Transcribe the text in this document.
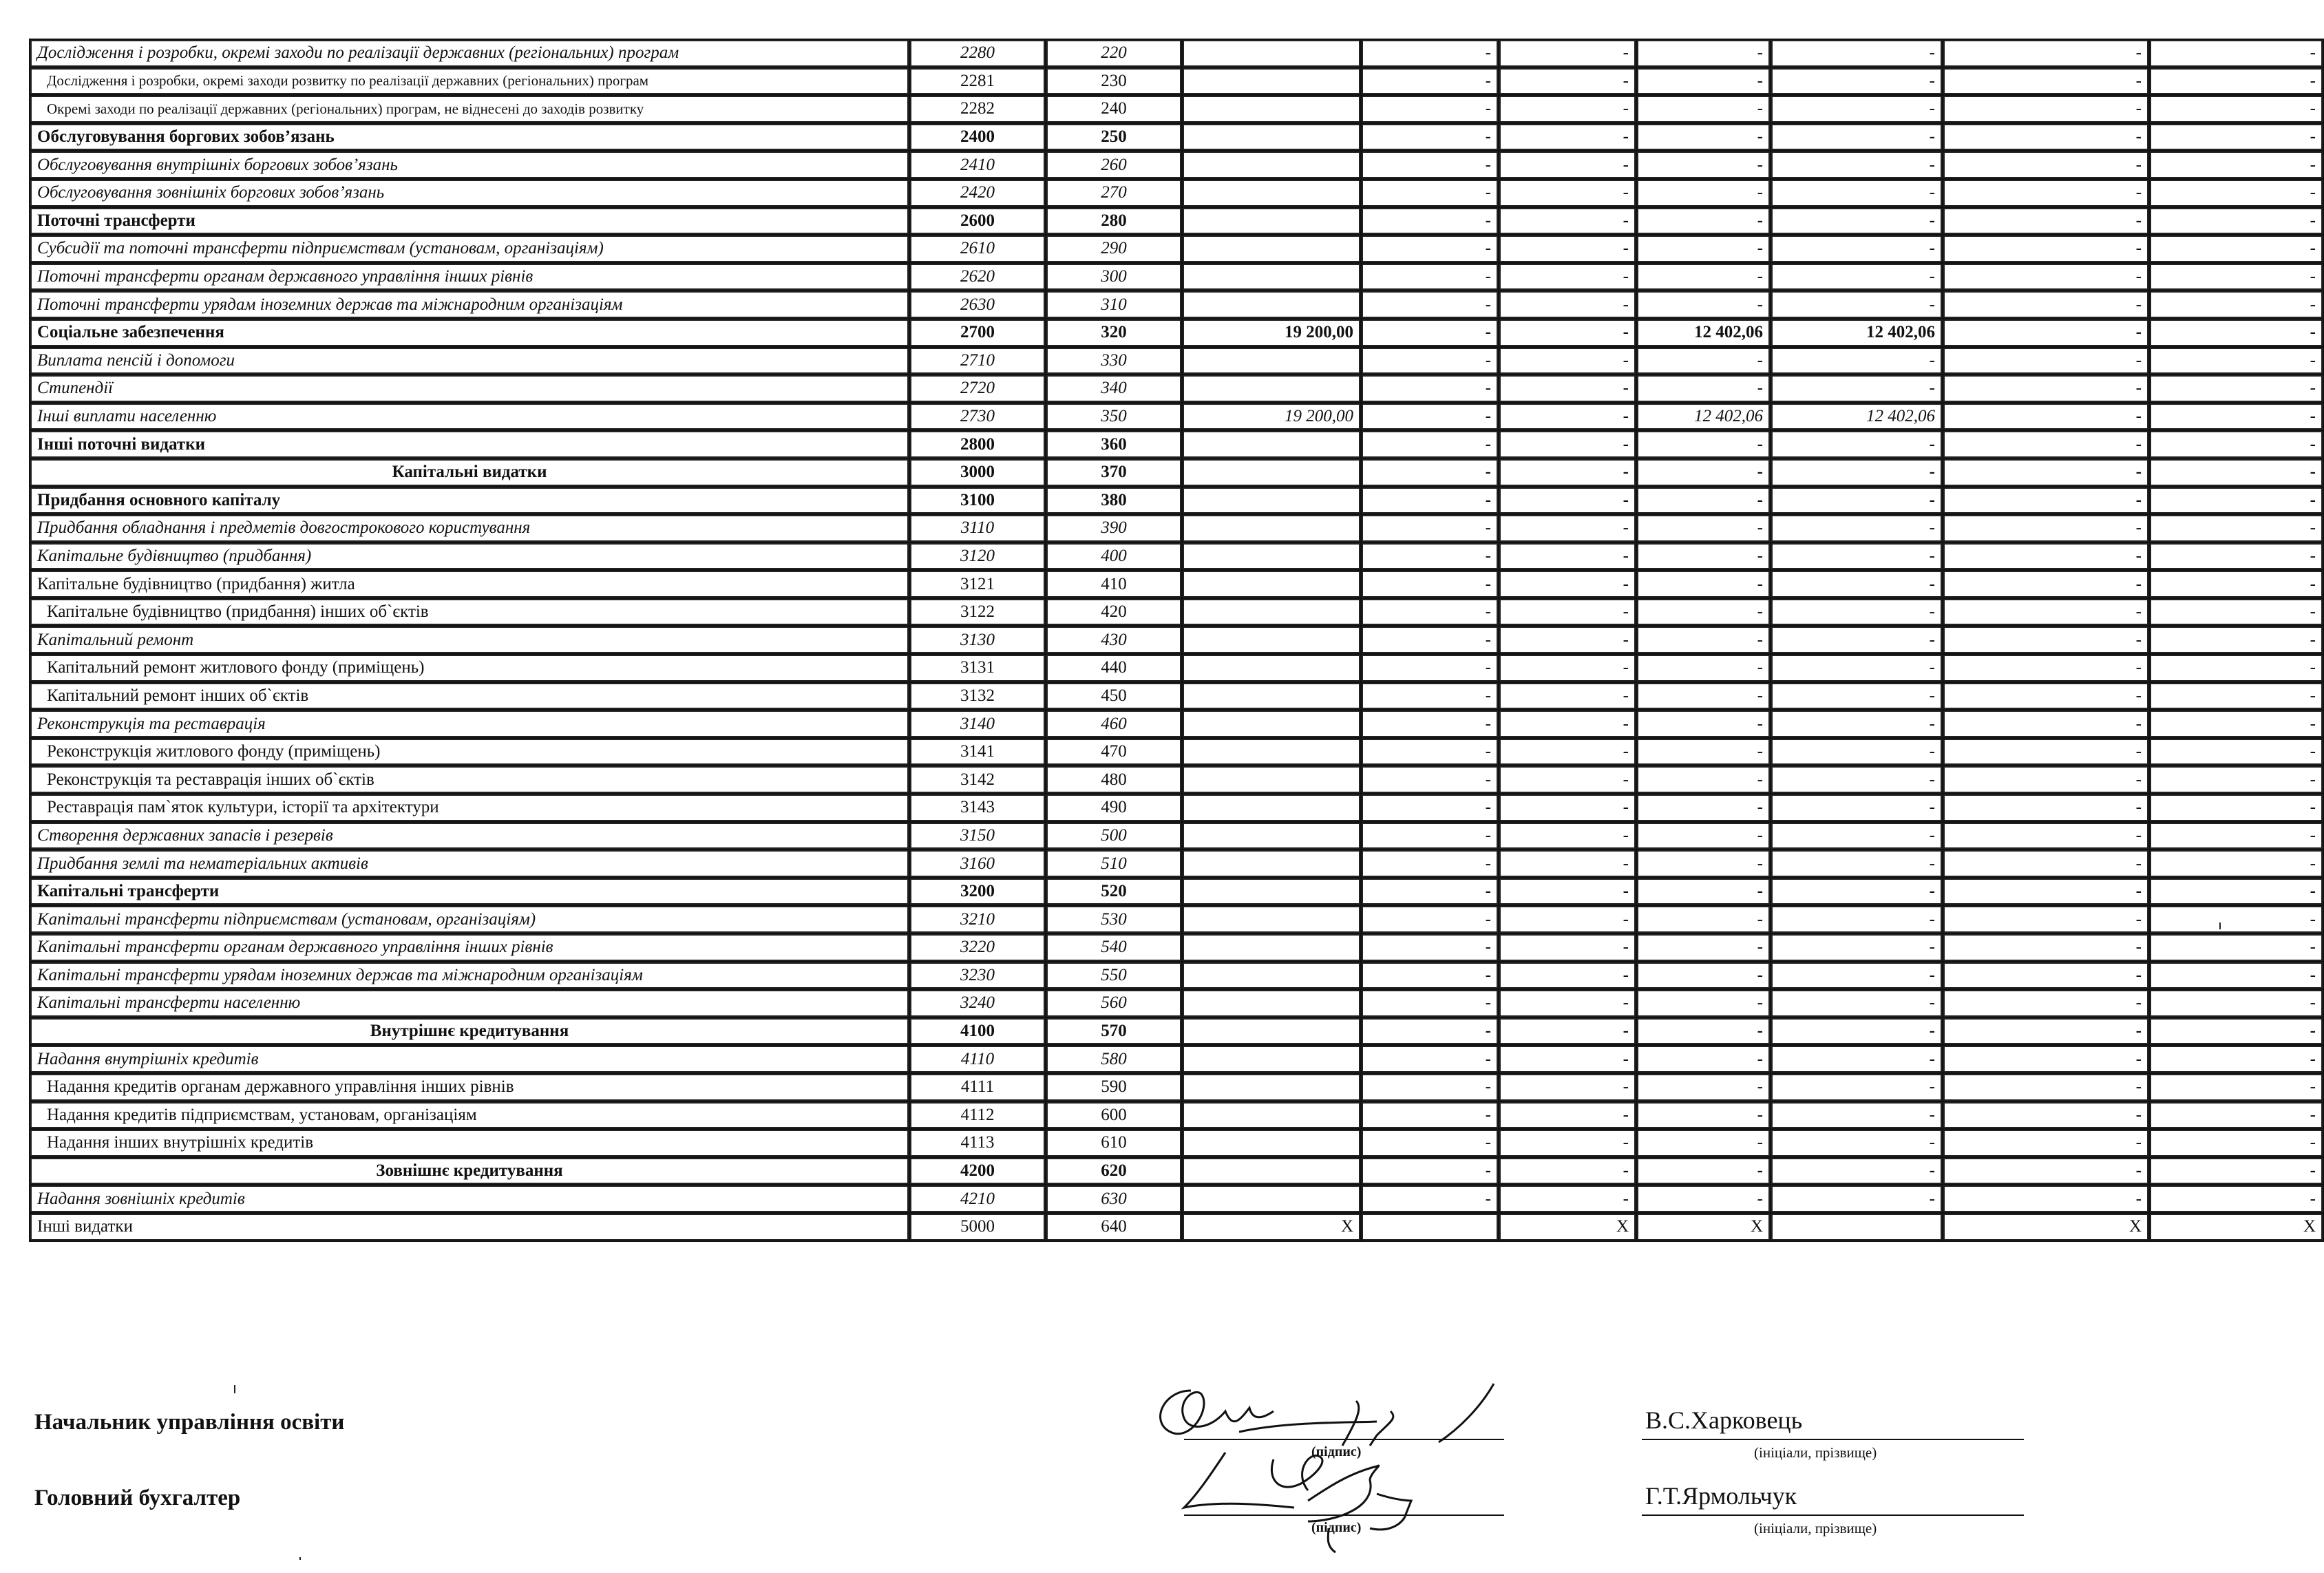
Дослідження і розробки, окремі заходи по реалізації державних (регіональних) програм	2280	220		-	-	-	-	-	-
Дослідження і розробки, окремі заходи розвитку по реалізації державних (регіональних) програм	2281	230		-	-	-	-	-	-
Окремі заходи по реалізації державних (регіональних) програм, не віднесені до заходів розвитку	2282	240		-	-	-	-	-	-
Обслуговування боргових зобов’язань	2400	250		-	-	-	-	-	-
Обслуговування внутрішніх боргових зобов’язань	2410	260		-	-	-	-	-	-
Обслуговування зовнішніх боргових зобов’язань	2420	270		-	-	-	-	-	-
Поточні трансферти	2600	280		-	-	-	-	-	-
Субсидії та поточні трансферти підприємствам (установам, організаціям)	2610	290		-	-	-	-	-	-
Поточні трансферти органам державного управління інших рівнів	2620	300		-	-	-	-	-	-
Поточні трансферти урядам іноземних держав та міжнародним організаціям	2630	310		-	-	-	-	-	-
Соціальне забезпечення	2700	320	19 200,00	-	-	12 402,06	12 402,06	-	-
Виплата пенсій і допомоги	2710	330		-	-	-	-	-	-
Стипендії	2720	340		-	-	-	-	-	-
Інші виплати населенню	2730	350	19 200,00	-	-	12 402,06	12 402,06	-	-
Інші поточні видатки	2800	360		-	-	-	-	-	-
Капітальні видатки	3000	370		-	-	-	-	-	-
Придбання основного капіталу	3100	380		-	-	-	-	-	-
Придбання обладнання і предметів довгострокового користування	3110	390		-	-	-	-	-	-
Капітальне будівництво (придбання)	3120	400		-	-	-	-	-	-
Капітальне будівництво (придбання) житла	3121	410		-	-	-	-	-	-
Капітальне будівництво (придбання) інших об`єктів	3122	420		-	-	-	-	-	-
Капітальний ремонт	3130	430		-	-	-	-	-	-
Капітальний ремонт житлового фонду (приміщень)	3131	440		-	-	-	-	-	-
Капітальний ремонт інших об`єктів	3132	450		-	-	-	-	-	-
Реконструкція та реставрація	3140	460		-	-	-	-	-	-
Реконструкція житлового фонду (приміщень)	3141	470		-	-	-	-	-	-
Реконструкція та реставрація інших об`єктів	3142	480		-	-	-	-	-	-
Реставрація пам`яток культури, історії та архітектури	3143	490		-	-	-	-	-	-
Створення державних запасів і резервів	3150	500		-	-	-	-	-	-
Придбання землі та нематеріальних активів	3160	510		-	-	-	-	-	-
Капітальні трансферти	3200	520		-	-	-	-	-	-
Капітальні трансферти підприємствам (установам, організаціям)	3210	530		-	-	-	-	-	-
Капітальні трансферти органам державного управління інших рівнів	3220	540		-	-	-	-	-	-
Капітальні трансферти урядам іноземних держав та міжнародним організаціям	3230	550		-	-	-	-	-	-
Капітальні трансферти населенню	3240	560		-	-	-	-	-	-
Внутрішнє кредитування	4100	570		-	-	-	-	-	-
Надання внутрішніх кредитів	4110	580		-	-	-	-	-	-
Надання кредитів органам державного управління інших рівнів	4111	590		-	-	-	-	-	-
Надання кредитів підприємствам, установам, організаціям	4112	600		-	-	-	-	-	-
Надання інших внутрішніх кредитів	4113	610		-	-	-	-	-	-
Зовнішнє кредитування	4200	620		-	-	-	-	-	-
Надання зовнішніх кредитів	4210	630		-	-	-	-	-	-
Інші видатки	5000	640	X		X	X		X	X
Начальник управління освіти
Головний бухгалтер
(підпис)
(підпис)
В.С.Харковець
(ініціали, прізвище)
Г.Т.Ярмольчук
(ініціали, прізвище)
